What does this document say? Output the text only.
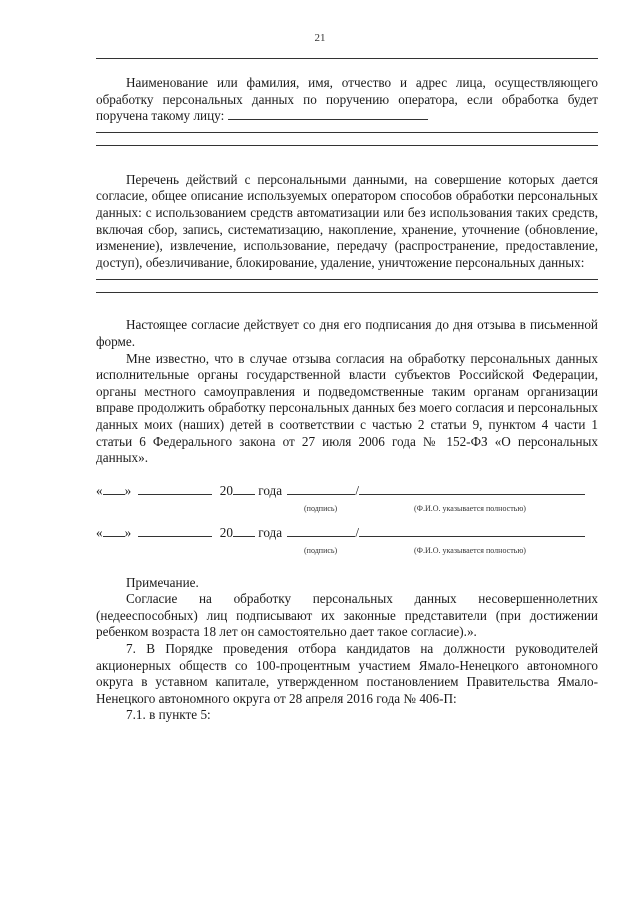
21

Наименование или фамилия, имя, отчество и адрес лица, осуществляющего обработку персональных данных по поручению оператора, если обработка будет поручена такому лицу:

Перечень действий с персональными данными, на совершение которых дается согласие, общее описание используемых оператором способов обработки персональных данных: с использованием средств автоматизации или без использования таких средств, включая сбор, запись, систематизацию, накопление, хранение, уточнение (обновление, изменение), извлечение, использование, передачу (распространение, предоставление, доступ), обезличивание, блокирование, удаление, уничтожение персональных данных:

Настоящее согласие действует со дня его подписания до дня отзыва в письменной форме.

Мне известно, что в случае отзыва согласия на обработку персональных данных исполнительные органы государственной власти субъектов Российской Федерации, органы местного самоуправления и подведомственные таким органам организации вправе продолжить обработку персональных данных без моего согласия и персональных данных моих (наших) детей в соответствии с частью 2 статьи 9, пунктом 4 части 1 статьи 6 Федерального закона от 27 июля 2006 года № 152-ФЗ «О персональных данных».

« »	20 года	/
(подпись)	(Ф.И.О. указывается полностью)
« »	20 года	/
(подпись)	(Ф.И.О. указывается полностью)

Примечание.

Согласие на обработку персональных данных несовершеннолетних (недееспособных) лиц подписывают их законные представители (при достижении ребенком возраста 18 лет он самостоятельно дает такое согласие).».

7. В Порядке проведения отбора кандидатов на должности руководителей акционерных обществ со 100-процентным участием Ямало-Ненецкого автономного округа в уставном капитале, утвержденном постановлением Правительства Ямало-Ненецкого автономного округа от 28 апреля 2016 года № 406-П:

7.1. в пункте 5:
